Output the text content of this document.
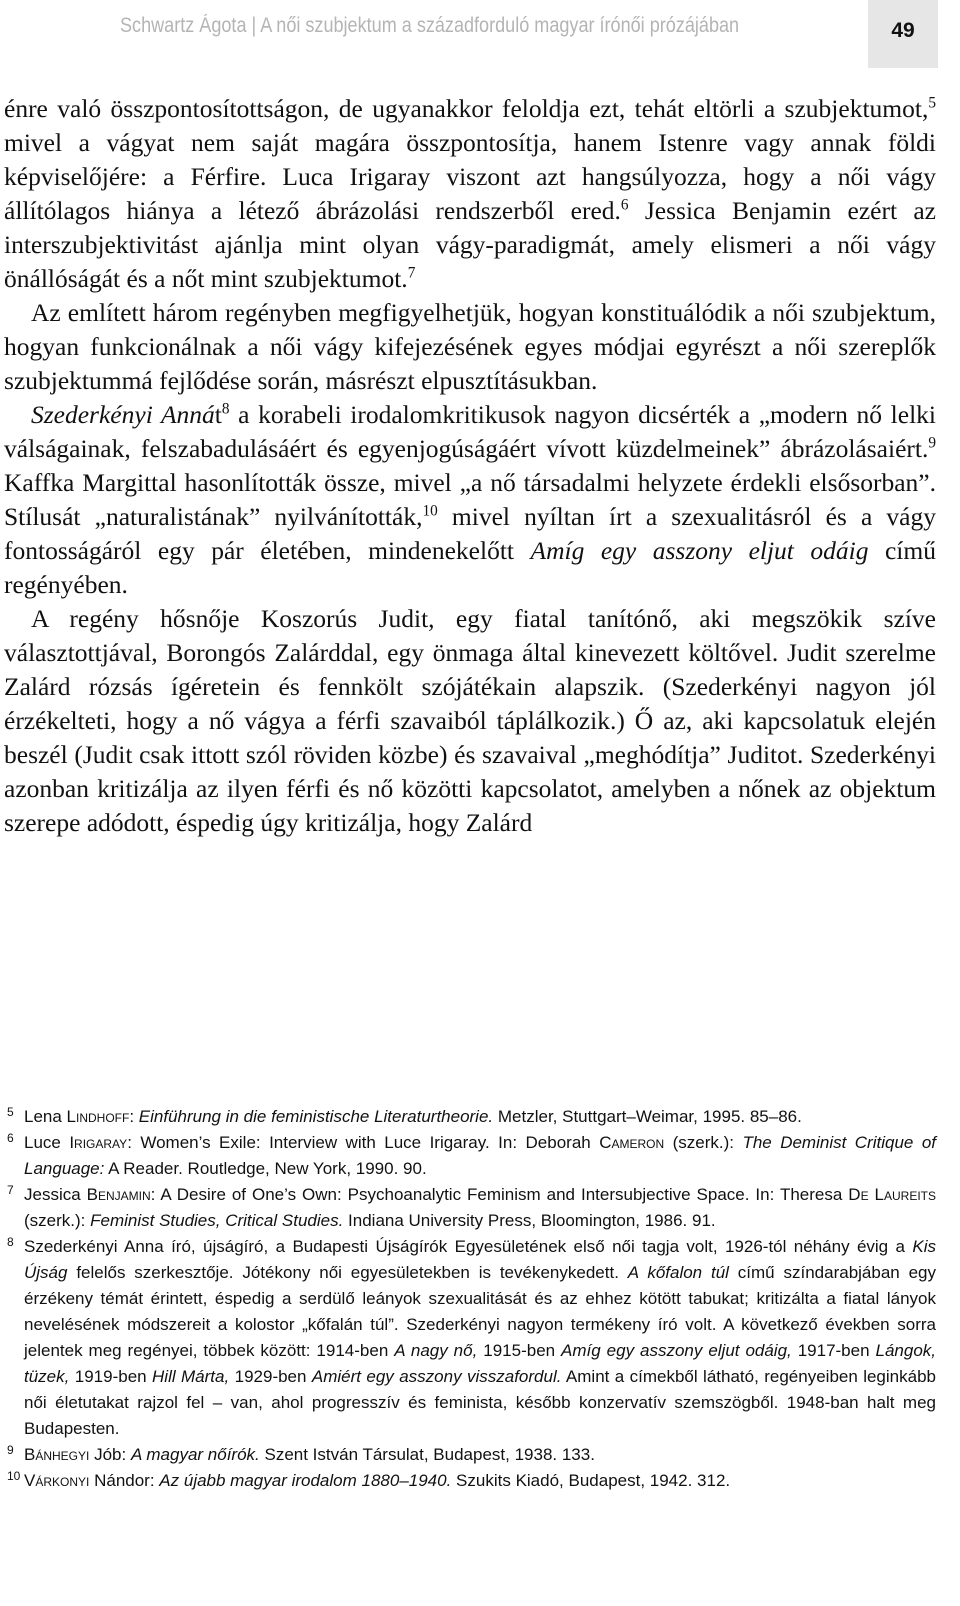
Schwartz Ágota | A női szubjektum a századforduló magyar írónői prózájában	49

énre való összpontosítottságon, de ugyanakkor feloldja ezt, tehát eltörli a szubjektumot,$^5$ mivel a vágyat nem saját magára összpontosítja, hanem Istenre vagy annak földi képviselőjére: a Férfire. Luca Irigaray viszont azt hangsúlyozza, hogy a női vágy állítólagos hiánya a létező ábrázolási rendszerből ered.$^6$ Jessica Benjamin ezért az interszubjektivitást ajánlja mint olyan vágy-paradigmát, amely elismeri a női vágy önállóságát és a nőt mint szubjektumot.$^7$

Az említett három regényben megfigyelhetjük, hogyan konstituálódik a női szubjektum, hogyan funkcionálnak a női vágy kifejezésének egyes módjai egyrészt a női szereplők szubjektummá fejlődése során, másrészt elpusztításukban.

Szederkényi Annát$^8$ a korabeli irodalomkritikusok nagyon dicsérték a „modern nő lelki válságainak, felszabadulásáért és egyenjogúságáért vívott küzdelmeinek” ábrázolásaiért.$^9$ Kaffka Margittal hasonlították össze, mivel „a nő társadalmi helyzete érdekli elsősorban”. Stílusát „naturalistának” nyilvánították,$^{10}$ mivel nyíltan írt a szexualitásról és a vágy fontosságáról egy pár életében, mindenekelőtt Amíg egy asszony eljut odáig című regényében.

A regény hősnője Koszorús Judit, egy fiatal tanítónő, aki megszökik szíve választottjával, Borongós Zalárddal, egy önmaga által kinevezett költővel. Judit szerelme Zalárd rózsás ígéretein és fennkölt szójátékain alapszik. (Szederkényi nagyon jól érzékelteti, hogy a nő vágya a férfi szavaiból táplálkozik.) Ő az, aki kapcsolatuk elején beszél (Judit csak ittott szól röviden közbe) és szavaival „meghódítja” Juditot. Szederkényi azonban kritizálja az ilyen férfi és nő közötti kapcsolatot, amelyben a nőnek az objektum szerepe adódott, éspedig úgy kritizálja, hogy Zalárd

5 Lena Lindhoff: Einführung in die feministische Literaturtheorie. Metzler, Stuttgart–Weimar, 1995. 85–86.
6 Luce Irigaray: Women’s Exile: Interview with Luce Irigaray. In: Deborah Cameron (szerk.): The Deminist Critique of Language: A Reader. Routledge, New York, 1990. 90.
7 Jessica Benjamin: A Desire of One’s Own: Psychoanalytic Feminism and Intersubjective Space. In: Theresa De Laureits (szerk.): Feminist Studies, Critical Studies. Indiana University Press, Bloomington, 1986. 91.
8 Szederkényi Anna író, újságíró, a Budapesti Újságírók Egyesületének első női tagja volt, 1926-tól néhány évig a Kis Újság felelős szerkesztője. Jótékony női egyesületekben is tevékenykedett. A kőfalon túl című színdarabjában egy érzékeny témát érintett, éspedig a serdülő leányok szexualitását és az ehhez kötött tabukat; kritizálta a fiatal lányok nevelésének módszereit a kolostor „kőfalán túl”. Szederkényi nagyon termékeny író volt. A következő években sorra jelentek meg regényei, többek között: 1914-ben A nagy nő, 1915-ben Amíg egy asszony eljut odáig, 1917-ben Lángok, tüzek, 1919-ben Hill Márta, 1929-ben Amiért egy asszony visszafordul. Amint a címekből látható, regényeiben leginkább női életutakat rajzol fel – van, ahol progresszív és feminista, később konzervatív szemszögből. 1948-ban halt meg Budapesten.
9 Bánhegyi Jób: A magyar nőírók. Szent István Társulat, Budapest, 1938. 133.
10 Várkonyi Nándor: Az újabb magyar irodalom 1880–1940. Szukits Kiadó, Budapest, 1942. 312.
